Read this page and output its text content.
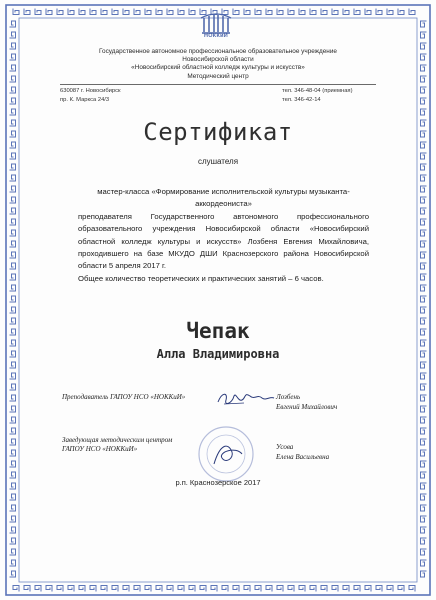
НОККиИ
Государственное автономное профессиональное образовательное учреждение
Новосибирской области
«Новосибирский областной колледж культуры и искусств»
Методический центр
630087 г. Новосибирск
пр. К. Маркса 24/3
тел. 346-48-04 (приемная)
тел. 346-42-14
Сертификат
слушателя

мастер-класса «Формирование исполнительской культуры музыканта-

аккордеониста»

преподавателя Государственного автономного профессионального образовательного учреждения Новосибирской области «Новосибирский областной колледж культуры и искусств» Лозбеня Евгения Михайловича, проходившего на базе МКУДО ДШИ Краснозерского района Новосибирской области 5 апреля 2017 г.

Общее количество теоретических и практических занятий – 6 часов.

Чепак
Алла Владимировна
Преподаватель ГАПОУ НСО «НОККиИ»	Лозбень
Евгений Михайлович
Заведующая методическим центром
ГАПОУ НСО «НОККиИ»	Усова
Елена Васильевна
р.п. Краснозерское 2017
